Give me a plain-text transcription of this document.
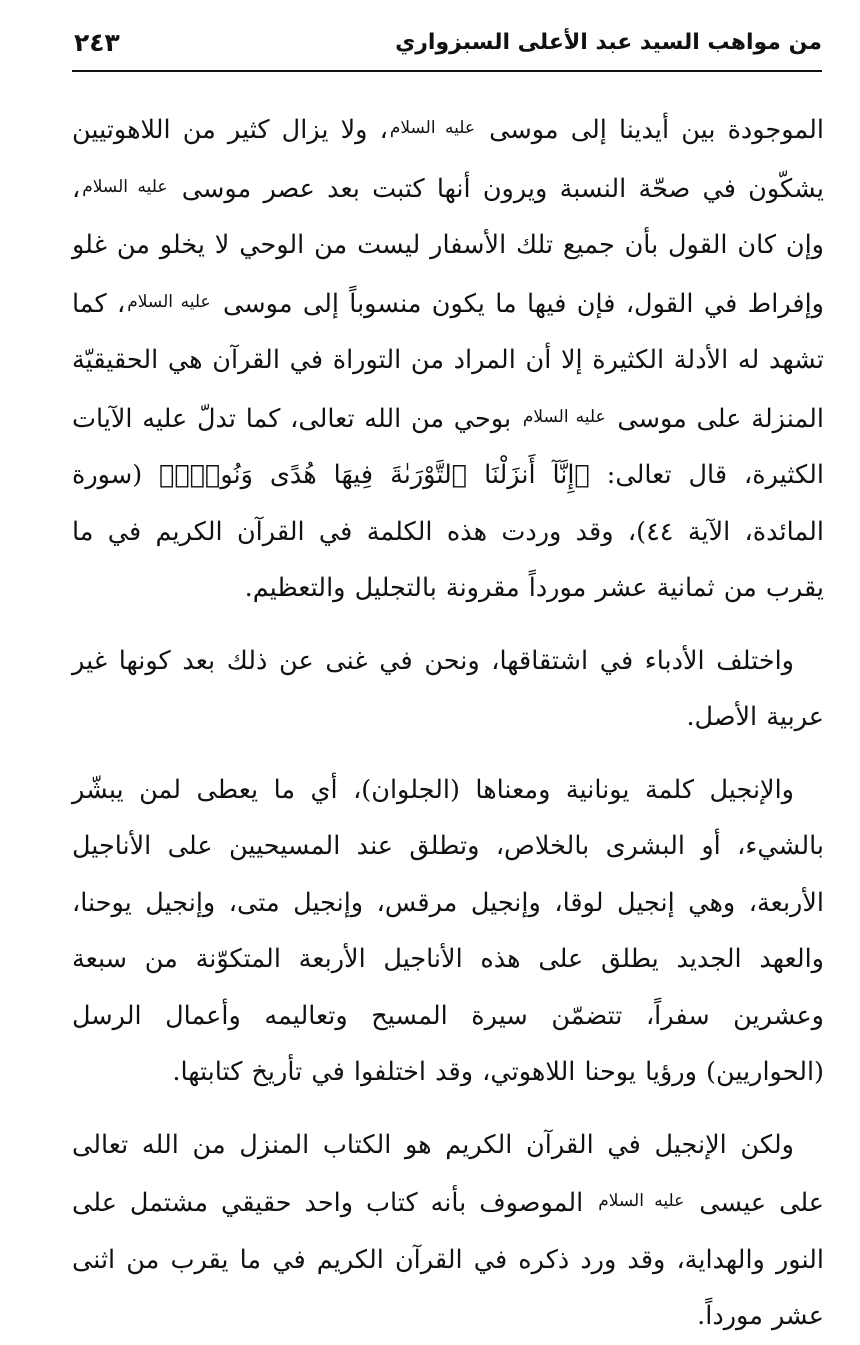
من مواهب السيد عبد الأعلى السبزواري
٢٤٣

الموجودة بين أيدينا إلى موسى عليه السلام، ولا يزال كثير من اللاهوتيين يشكّون في صحّة النسبة ويرون أنها كتبت بعد عصر موسى عليه السلام، وإن كان القول بأن جميع تلك الأسفار ليست من الوحي لا يخلو من غلو وإفراط في القول، فإن فيها ما يكون منسوباً إلى موسى عليه السلام، كما تشهد له الأدلة الكثيرة إلا أن المراد من التوراة في القرآن هي الحقيقيّة المنزلة على موسى عليه السلام بوحي من الله تعالى، كما تدلّ عليه الآيات الكثيرة، قال تعالى: ﴿إِنَّآ أَنزَلْنَا ٱلتَّوْرَىٰةَ فِيهَا هُدًى وَنُورٌۚ﴾ (سورة المائدة، الآية ٤٤)، وقد وردت هذه الكلمة في القرآن الكريم في ما يقرب من ثمانية عشر مورداً مقرونة بالتجليل والتعظيم.

واختلف الأدباء في اشتقاقها، ونحن في غنى عن ذلك بعد كونها غير عربية الأصل.

والإنجيل كلمة يونانية ومعناها (الجلوان)، أي ما يعطى لمن يبشّر بالشيء، أو البشرى بالخلاص، وتطلق عند المسيحيين على الأناجيل الأربعة، وهي إنجيل لوقا، وإنجيل مرقس، وإنجيل متى، وإنجيل يوحنا، والعهد الجديد يطلق على هذه الأناجيل الأربعة المتكوّنة من سبعة وعشرين سفراً، تتضمّن سيرة المسيح وتعاليمه وأعمال الرسل (الحواريين) ورؤيا يوحنا اللاهوتي، وقد اختلفوا في تأريخ كتابتها.

ولكن الإنجيل في القرآن الكريم هو الكتاب المنزل من الله تعالى على عيسى عليه السلام الموصوف بأنه كتاب واحد حقيقي مشتمل على النور والهداية، وقد ورد ذكره في القرآن الكريم في ما يقرب من اثنى عشر مورداً.
